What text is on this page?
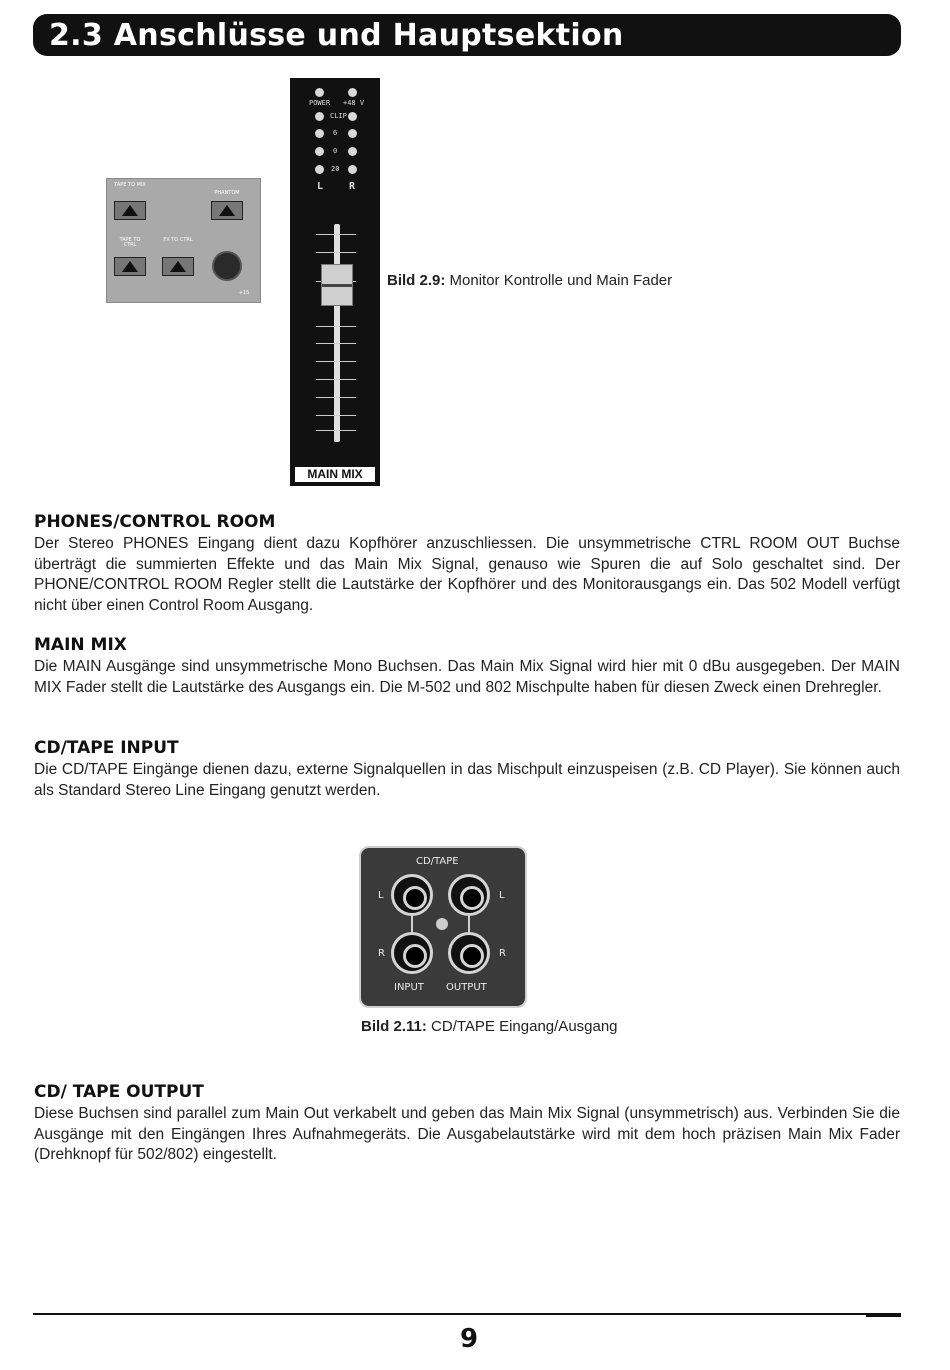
2.3 Anschlüsse und Hauptsektion
TAPE TO MIX
PHANTOM
TAPE TO CTRL
FX TO CTRL
+15
POWER +48 V
CLIP
6
0
20
L	R
MAIN MIX
Bild 2.9: Monitor Kontrolle und Main Fader
PHONES/CONTROL ROOM
Der Stereo PHONES Eingang dient dazu Kopfhörer anzuschliessen. Die unsymmetrische CTRL ROOM OUT Buchse überträgt die summierten Effekte und das Main Mix Signal, genauso wie Spuren die auf Solo geschaltet sind. Der PHONE/CONTROL ROOM Regler stellt die Lautstärke der Kopfhörer und des Monitorausgangs ein. Das 502 Modell verfügt nicht über einen Control Room Ausgang.
MAIN MIX
Die MAIN Ausgänge sind unsymmetrische Mono Buchsen. Das Main Mix Signal wird hier mit 0 dBu ausgegeben. Der MAIN MIX Fader stellt die Lautstärke des Ausgangs ein. Die M-502 und 802 Mischpulte haben für diesen Zweck einen Drehregler.
CD/TAPE INPUT
Die CD/TAPE Eingänge dienen dazu, externe Signalquellen in das Mischpult einzuspeisen (z.B. CD Player). Sie können auch als Standard Stereo Line Eingang genutzt werden.
CD/TAPE
L	L
R	R
INPUT OUTPUT
Bild 2.11: CD/TAPE Eingang/Ausgang
CD/ TAPE OUTPUT
Diese Buchsen sind parallel zum Main Out verkabelt und geben das Main Mix Signal (unsymmetrisch) aus. Verbinden Sie die Ausgänge mit den Eingängen Ihres Aufnahmegeräts. Die Ausgabelautstärke wird mit dem hoch präzisen Main Mix Fader (Drehknopf für 502/802) eingestellt.
9
